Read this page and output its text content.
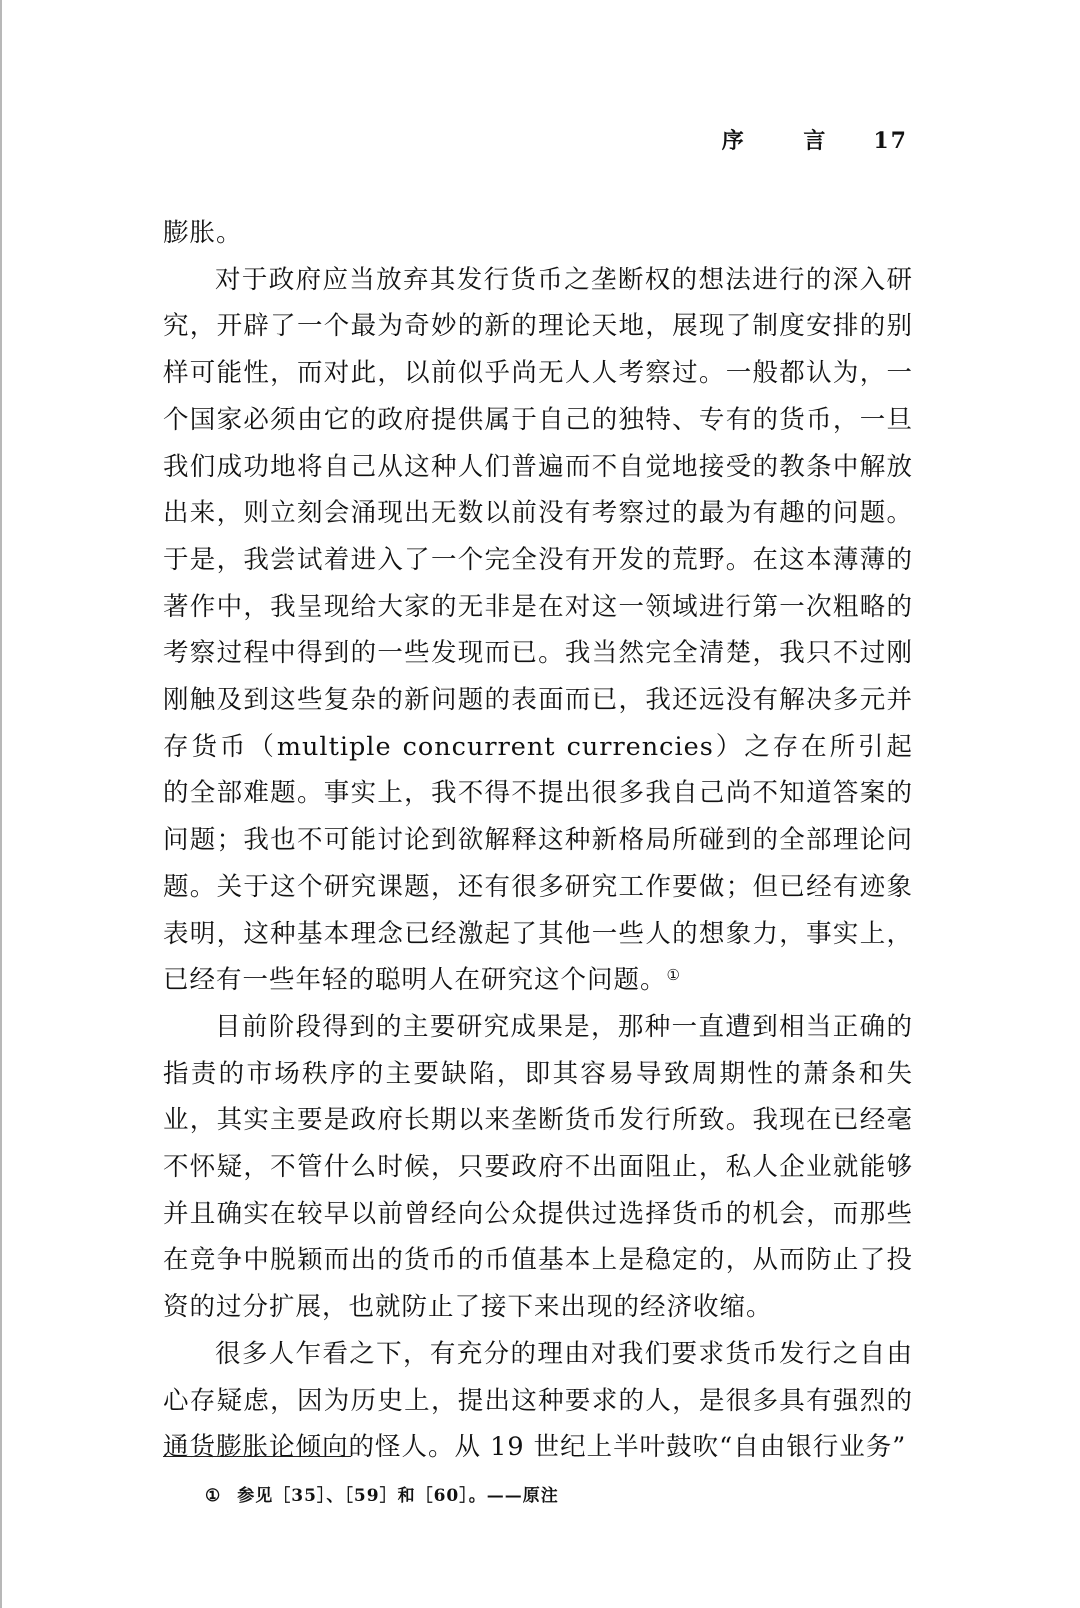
序 言 17

膨胀。

对于政府应当放弃其发行货币之垄断权的想法进行的深入研究，开辟了一个最为奇妙的新的理论天地，展现了制度安排的别样可能性，而对此，以前似乎尚无人人考察过。一般都认为，一个国家必须由它的政府提供属于自己的独特、专有的货币，一旦我们成功地将自己从这种人们普遍而不自觉地接受的教条中解放出来，则立刻会涌现出无数以前没有考察过的最为有趣的问题。于是，我尝试着进入了一个完全没有开发的荒野。在这本薄薄的著作中，我呈现给大家的无非是在对这一领域进行第一次粗略的考察过程中得到的一些发现而已。我当然完全清楚，我只不过刚刚触及到这些复杂的新问题的表面而已，我还远没有解决多元并存货币（multiple concurrent currencies）之存在所引起的全部难题。事实上，我不得不提出很多我自己尚不知道答案的问题；我也不可能讨论到欲解释这种新格局所碰到的全部理论问题。关于这个研究课题，还有很多研究工作要做；但已经有迹象表明，这种基本理念已经激起了其他一些人的想象力，事实上，已经有一些年轻的聪明人在研究这个问题。①

目前阶段得到的主要研究成果是，那种一直遭到相当正确的指责的市场秩序的主要缺陷，即其容易导致周期性的萧条和失业，其实主要是政府长期以来垄断货币发行所致。我现在已经毫不怀疑，不管什么时候，只要政府不出面阻止，私人企业就能够并且确实在较早以前曾经向公众提供过选择货币的机会，而那些在竞争中脱颖而出的货币的币值基本上是稳定的，从而防止了投资的过分扩展，也就防止了接下来出现的经济收缩。

很多人乍看之下，有充分的理由对我们要求货币发行之自由心存疑虑，因为历史上，提出这种要求的人，是很多具有强烈的通货膨胀论倾向的怪人。从 19 世纪上半叶鼓吹“自由银行业务”

① 参见［35］、［59］和［60］。——原注
